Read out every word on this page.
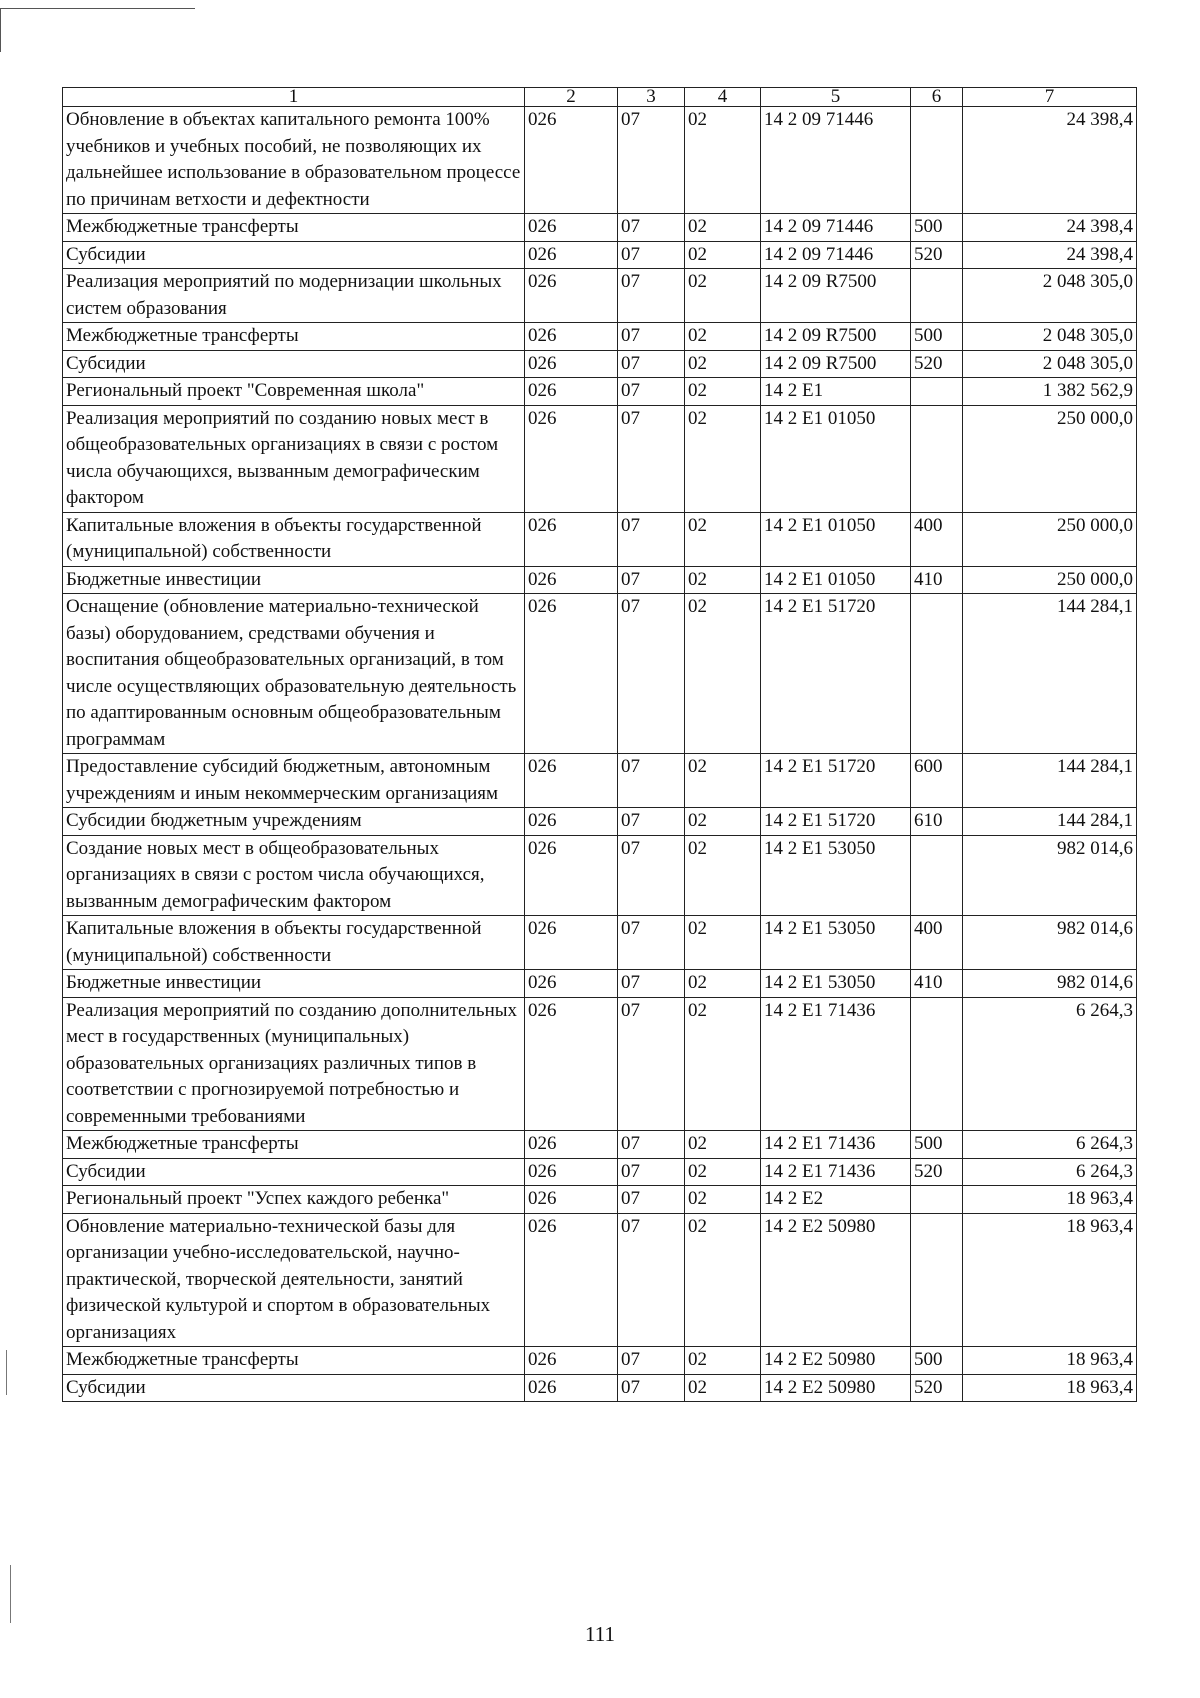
1	2	3	4	5	6	7
Обновление в объектах капитального ремонта 100% учебников и учебных пособий, не позволяющих их дальнейшее использование в образовательном процессе по причинам ветхости и дефектности	026	07	02	14 2 09 71446		24 398,4
Межбюджетные трансферты	026	07	02	14 2 09 71446	500	24 398,4
Субсидии	026	07	02	14 2 09 71446	520	24 398,4
Реализация мероприятий по модернизации школьных систем образования	026	07	02	14 2 09 R7500		2 048 305,0
Межбюджетные трансферты	026	07	02	14 2 09 R7500	500	2 048 305,0
Субсидии	026	07	02	14 2 09 R7500	520	2 048 305,0
Региональный проект "Современная школа"	026	07	02	14 2 E1		1 382 562,9
Реализация мероприятий по созданию новых мест в общеобразовательных организациях в связи с ростом числа обучающихся, вызванным демографическим фактором	026	07	02	14 2 E1 01050		250 000,0
Капитальные вложения в объекты государственной (муниципальной) собственности	026	07	02	14 2 E1 01050	400	250 000,0
Бюджетные инвестиции	026	07	02	14 2 E1 01050	410	250 000,0
Оснащение (обновление материально-технической базы) оборудованием, средствами обучения и воспитания общеобразовательных организаций, в том числе осуществляющих образовательную деятельность по адаптированным основным общеобразовательным программам	026	07	02	14 2 E1 51720		144 284,1
Предоставление субсидий бюджетным, автономным учреждениям и иным некоммерческим организациям	026	07	02	14 2 E1 51720	600	144 284,1
Субсидии бюджетным учреждениям	026	07	02	14 2 E1 51720	610	144 284,1
Создание новых мест в общеобразовательных организациях в связи с ростом числа обучающихся, вызванным демографическим фактором	026	07	02	14 2 E1 53050		982 014,6
Капитальные вложения в объекты государственной (муниципальной) собственности	026	07	02	14 2 E1 53050	400	982 014,6
Бюджетные инвестиции	026	07	02	14 2 E1 53050	410	982 014,6
Реализация мероприятий по созданию дополнительных мест в государственных (муниципальных) образовательных организациях различных типов в соответствии с прогнозируемой потребностью и современными требованиями	026	07	02	14 2 E1 71436		6 264,3
Межбюджетные трансферты	026	07	02	14 2 E1 71436	500	6 264,3
Субсидии	026	07	02	14 2 E1 71436	520	6 264,3
Региональный проект "Успех каждого ребенка"	026	07	02	14 2 E2		18 963,4
Обновление материально-технической базы для организации учебно-исследовательской, научно-практической, творческой деятельности, занятий физической культурой и спортом в образовательных организациях	026	07	02	14 2 E2 50980		18 963,4
Межбюджетные трансферты	026	07	02	14 2 E2 50980	500	18 963,4
Субсидии	026	07	02	14 2 E2 50980	520	18 963,4
111
